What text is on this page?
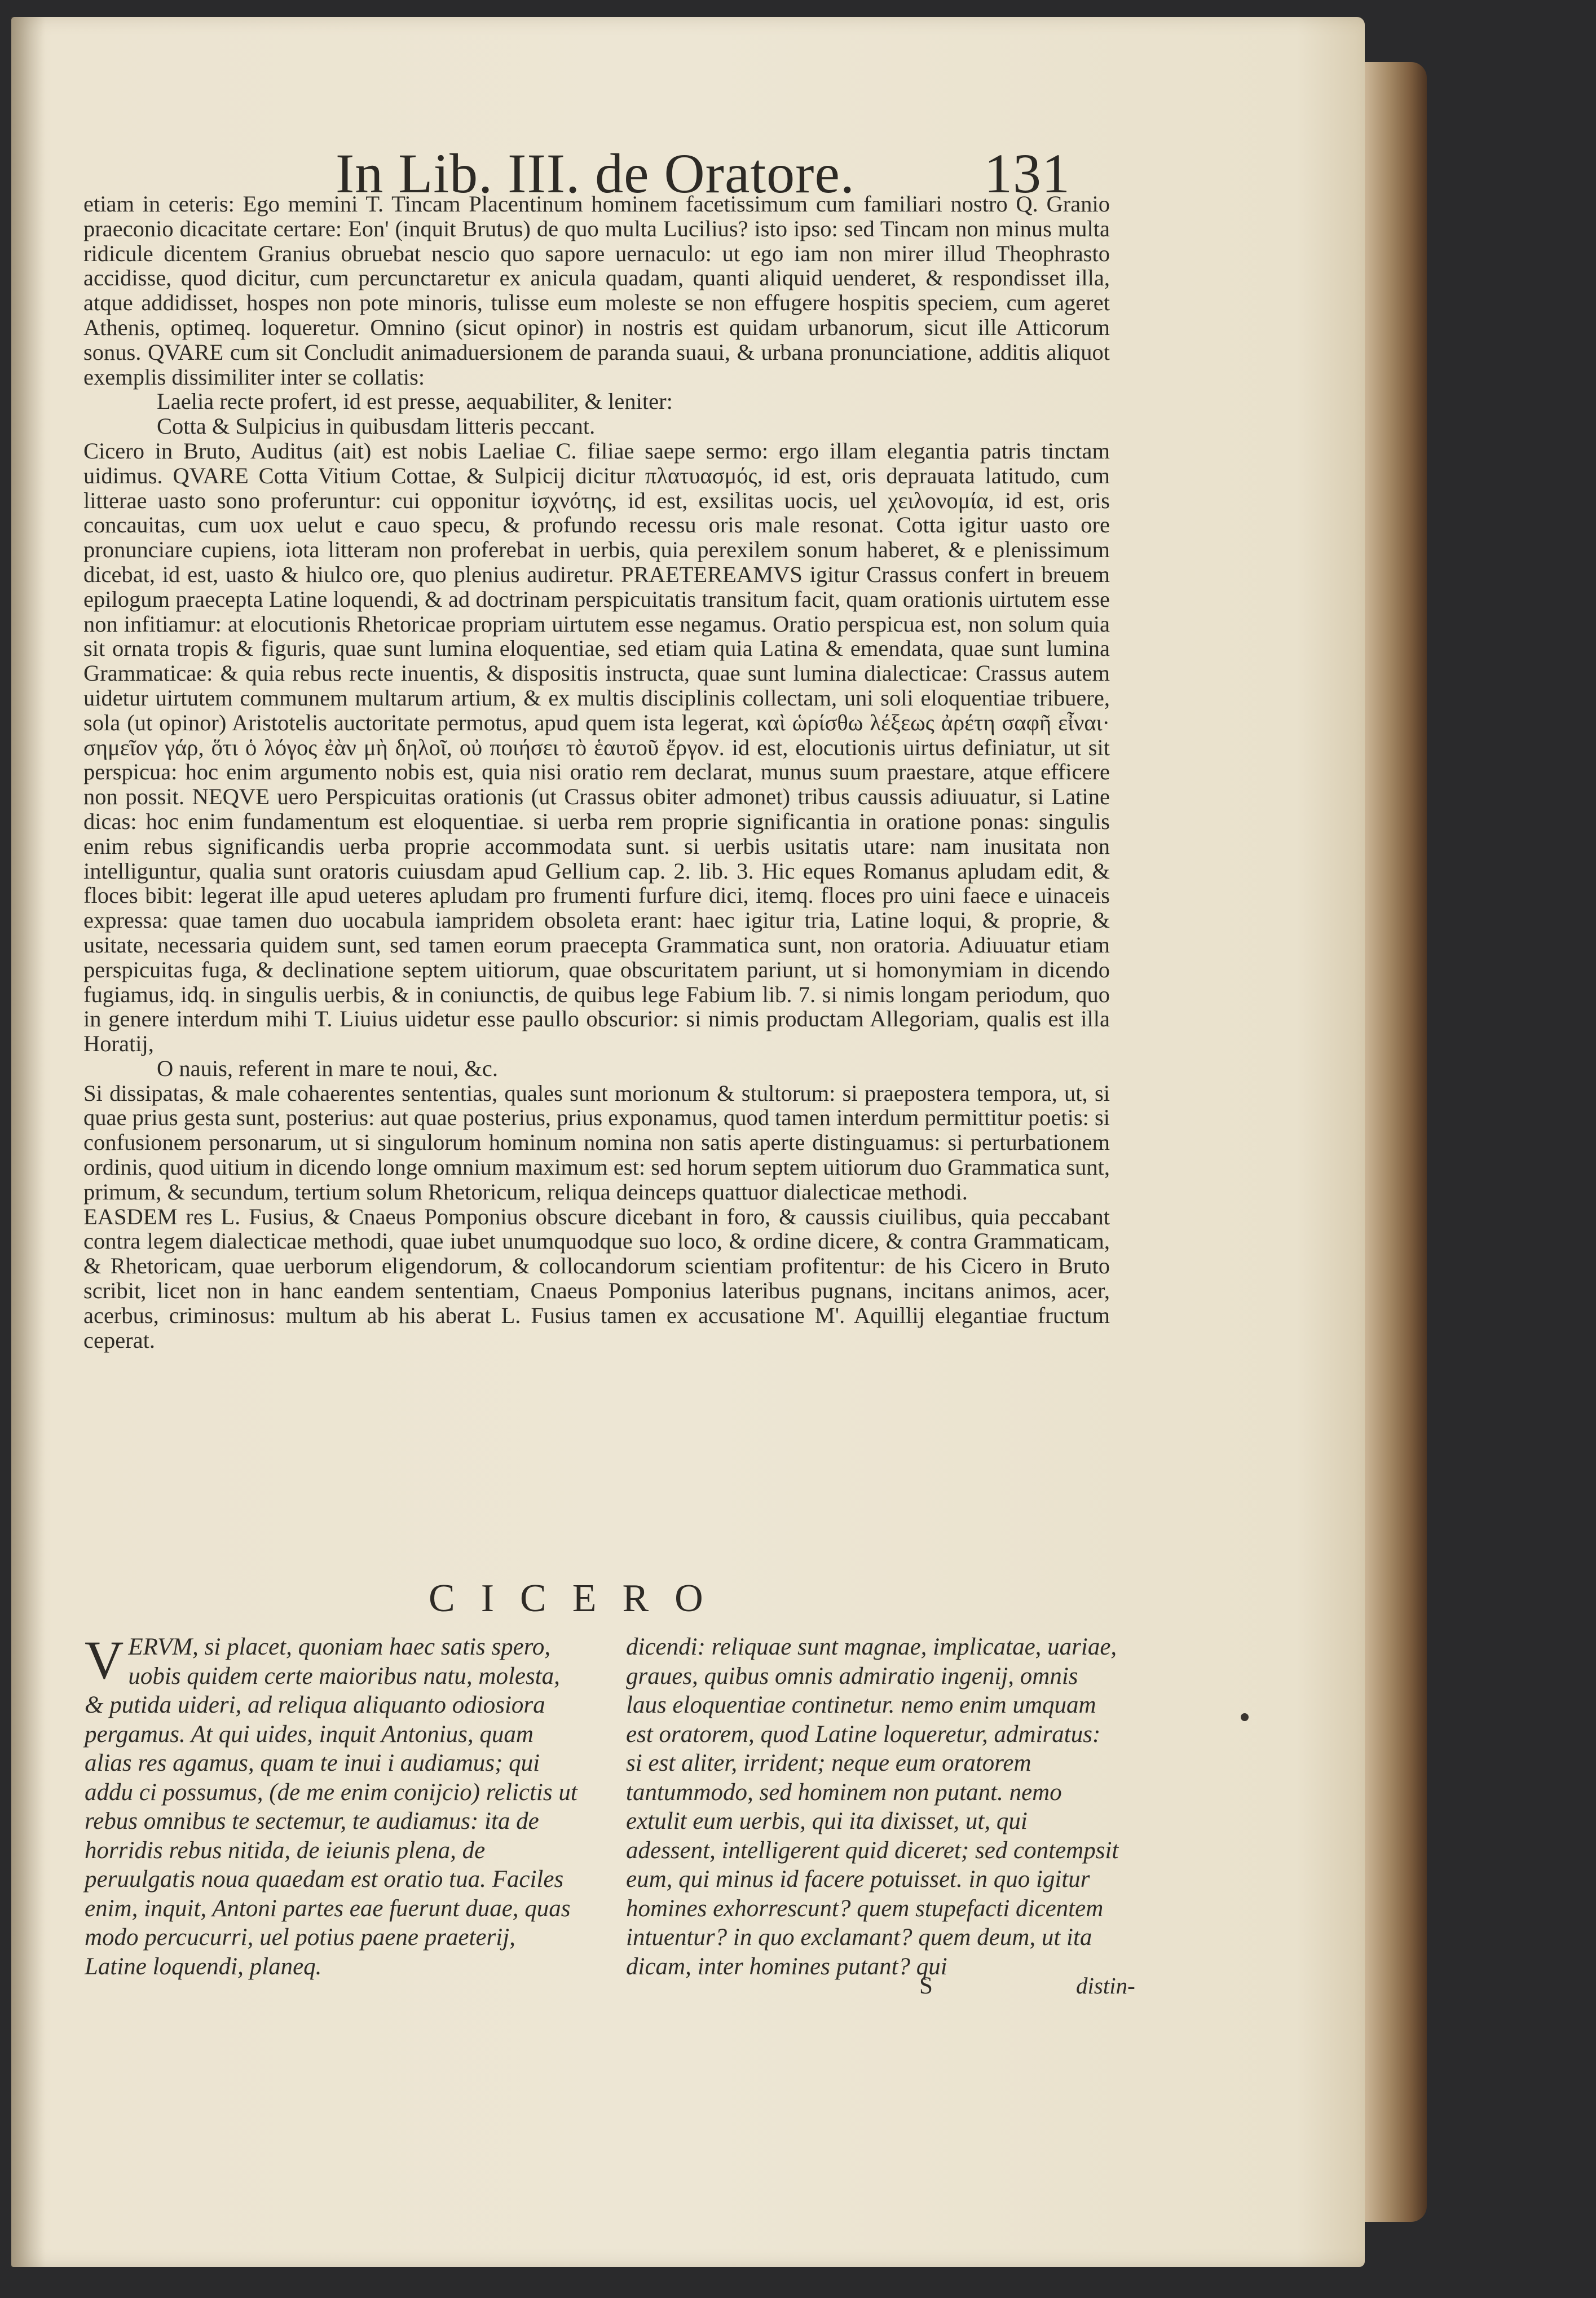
In Lib. III. de Oratore. 131

etiam in ceteris: Ego memini T. Tincam Placentinum hominem facetissimum cum familiari nostro Q. Granio praeconio dicacitate certare: Eon' (inquit Brutus) de quo multa Lucilius? isto ipso: sed Tincam non minus multa ridicule dicentem Granius obruebat nescio quo sapore uernaculo: ut ego iam non mirer illud Theophrasto accidisse, quod dicitur, cum percunctaretur ex anicula quadam, quanti aliquid uenderet, & respondisset illa, atque addidisset, hospes non pote minoris, tulisse eum moleste se non effugere hospitis speciem, cum ageret Athenis, optimeq. loqueretur. Omnino (sicut opinor) in nostris est quidam urbanorum, sicut ille Atticorum sonus. QVARE cum sit Concludit animaduersionem de paranda suaui, & urbana pronunciatione, additis aliquot exemplis dissimiliter inter se collatis:

Laelia recte profert, id est presse, aequabiliter, & leniter:

Cotta & Sulpicius in quibusdam litteris peccant.

Cicero in Bruto, Auditus (ait) est nobis Laeliae C. filiae saepe sermo: ergo illam elegantia patris tinctam uidimus. QVARE Cotta Vitium Cottae, & Sulpicij dicitur πλατυασμός, id est, oris deprauata latitudo, cum litterae uasto sono proferuntur: cui opponitur ἰσχνότης, id est, exsilitas uocis, uel χειλονομία, id est, oris concauitas, cum uox uelut e cauo specu, & profundo recessu oris male resonat. Cotta igitur uasto ore pronunciare cupiens, iota litteram non proferebat in uerbis, quia perexilem sonum haberet, & e plenissimum dicebat, id est, uasto & hiulco ore, quo plenius audiretur. PRAETEREAMVS igitur Crassus confert in breuem epilogum praecepta Latine loquendi, & ad doctrinam perspicuitatis transitum facit, quam orationis uirtutem esse non infitiamur: at elocutionis Rhetoricae propriam uirtutem esse negamus. Oratio perspicua est, non solum quia sit ornata tropis & figuris, quae sunt lumina eloquentiae, sed etiam quia Latina & emendata, quae sunt lumina Grammaticae: & quia rebus recte inuentis, & dispositis instructa, quae sunt lumina dialecticae: Crassus autem uidetur uirtutem communem multarum artium, & ex multis disciplinis collectam, uni soli eloquentiae tribuere, sola (ut opinor) Aristotelis auctoritate permotus, apud quem ista legerat, καὶ ὡρίσθω λέξεως ἀρέτη σαφῆ εἶναι· σημεῖον γάρ, ὅτι ὁ λόγος ἐὰν μὴ δηλοῖ, οὐ ποιήσει τὸ ἑαυτοῦ ἔργον. id est, elocutionis uirtus definiatur, ut sit perspicua: hoc enim argumento nobis est, quia nisi oratio rem declarat, munus suum praestare, atque efficere non possit. NEQVE uero Perspicuitas orationis (ut Crassus obiter admonet) tribus caussis adiuuatur, si Latine dicas: hoc enim fundamentum est eloquentiae. si uerba rem proprie significantia in oratione ponas: singulis enim rebus significandis uerba proprie accommodata sunt. si uerbis usitatis utare: nam inusitata non intelliguntur, qualia sunt oratoris cuiusdam apud Gellium cap. 2. lib. 3. Hic eques Romanus apludam edit, & floces bibit: legerat ille apud ueteres apludam pro frumenti furfure dici, itemq. floces pro uini faece e uinaceis expressa: quae tamen duo uocabula iampridem obsoleta erant: haec igitur tria, Latine loqui, & proprie, & usitate, necessaria quidem sunt, sed tamen eorum praecepta Grammatica sunt, non oratoria. Adiuuatur etiam perspicuitas fuga, & declinatione septem uitiorum, quae obscuritatem pariunt, ut si homonymiam in dicendo fugiamus, idq. in singulis uerbis, & in coniunctis, de quibus lege Fabium lib. 7. si nimis longam periodum, quo in genere interdum mihi T. Liuius uidetur esse paullo obscurior: si nimis productam Allegoriam, qualis est illa Horatij,

O nauis, referent in mare te noui, &c.

Si dissipatas, & male cohaerentes sententias, quales sunt morionum & stultorum: si praepostera tempora, ut, si quae prius gesta sunt, posterius: aut quae posterius, prius exponamus, quod tamen interdum permittitur poetis: si confusionem personarum, ut si singulorum hominum nomina non satis aperte distinguamus: si perturbationem ordinis, quod uitium in dicendo longe omnium maximum est: sed horum septem uitiorum duo Grammatica sunt, primum, & secundum, tertium solum Rhetoricum, reliqua deinceps quattuor dialecticae methodi.

EASDEM res L. Fusius, & Cnaeus Pomponius obscure dicebant in foro, & caussis ciuilibus, quia peccabant contra legem dialecticae methodi, quae iubet unumquodque suo loco, & ordine dicere, & contra Grammaticam, & Rhetoricam, quae uerborum eligendorum, & collocandorum scientiam profitentur: de his Cicero in Bruto scribit, licet non in hanc eandem sententiam, Cnaeus Pomponius lateribus pugnans, incitans animos, acer, acerbus, criminosus: multum ab his aberat L. Fusius tamen ex accusatione M'. Aquillij elegantiae fructum ceperat.

CICERO
V ERVM, si placet, quoniam haec satis spero, uobis quidem certe maioribus natu, molesta, & putida uideri, ad reliqua aliquanto odiosiora pergamus. At qui uides, inquit Antonius, quam alias res agamus, quam te inui i audiamus; qui addu ci possumus, (de me enim conijcio) relictis ut rebus omnibus te sectemur, te audiamus: ita de horridis rebus nitida, de ieiunis plena, de peruulgatis noua quaedam est oratio tua. Faciles enim, inquit, Antoni partes eae fuerunt duae, quas modo percucurri, uel potius paene praeterij, Latine loquendi, planeq.

dicendi: reliquae sunt magnae, implicatae, uariae, graues, quibus omnis admiratio ingenij, omnis laus eloquentiae continetur. nemo enim umquam est oratorem, quod Latine loqueretur, admiratus: si est aliter, irrident; neque eum oratorem tantummodo, sed hominem non putant. nemo extulit eum uerbis, qui ita dixisset, ut, qui adessent, intelligerent quid diceret; sed contempsit eum, qui minus id facere potuisset. in quo igitur homines exhorrescunt? quem stupefacti dicentem intuentur? in quo exclamant? quem deum, ut ita dicam, inter homines putant? qui

S	distin-
